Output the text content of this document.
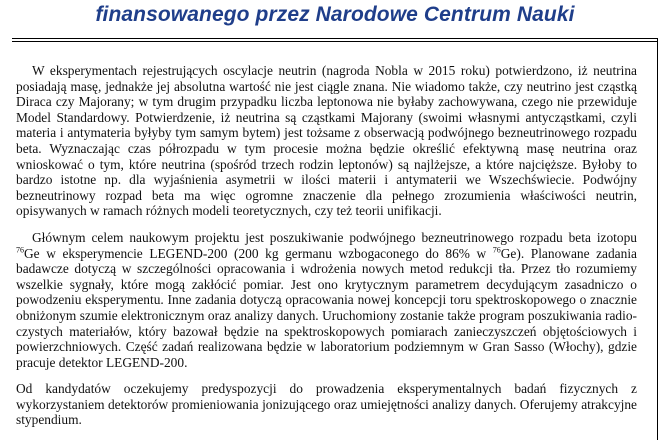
finansowanego przez Narodowe Centrum Nauki

W eksperymentach rejestrujących oscylacje neutrin (nagroda Nobla w 2015 roku) potwierdzono, iż neutrina posiadają masę, jednakże jej absolutna wartość nie jest ciągle znana. Nie wiadomo także, czy neutrino jest cząstką Diraca czy Majorany; w tym drugim przypadku liczba leptonowa nie byłaby zachowywana, czego nie przewiduje Model Standardowy. Potwierdzenie, iż neutrina są cząstkami Majorany (swoimi własnymi antycząstkami, czyli materia i antymateria byłyby tym samym bytem) jest tożsame z obserwacją podwójnego bezneutrinowego rozpadu beta. Wyznaczając czas półrozpadu w tym procesie można będzie określić efektywną masę neutrina oraz wnioskować o tym, które neutrina (spośród trzech rodzin leptonów) są najlżejsze, a które najcięższe. Byłoby to bardzo istotne np. dla wyjaśnienia asymetrii w ilości materii i antymaterii we Wszechświecie. Podwójny bezneutrinowy rozpad beta ma więc ogromne znaczenie dla pełnego zrozumienia właściwości neutrin, opisywanych w ramach różnych modeli teoretycznych, czy też teorii unifikacji.

Głównym celem naukowym projektu jest poszukiwanie podwójnego bezneutrinowego rozpadu beta izotopu $^{76}$Ge w eksperymencie LEGEND-200 (200 kg germanu wzbogaconego do 86% w $^{76}$Ge). Planowane zadania badawcze dotyczą w szczególności opracowania i wdrożenia nowych metod redukcji tła. Przez tło rozumiemy wszelkie sygnały, które mogą zakłócić pomiar. Jest ono krytycznym parametrem decydującym zasadniczo o powodzeniu eksperymentu. Inne zadania dotyczą opracowania nowej koncepcji toru spektroskopowego o znacznie obniżonym szumie elektronicznym oraz analizy danych. Uruchomiony zostanie także program poszukiwania radio-czystych materiałów, który bazował będzie na spektroskopowych pomiarach zanieczyszczeń objętościowych i powierzchniowych. Część zadań realizowana będzie w laboratorium podziemnym w Gran Sasso (Włochy), gdzie pracuje detektor LEGEND-200.

Od kandydatów oczekujemy predyspozycji do prowadzenia eksperymentalnych badań fizycznych z wykorzystaniem detektorów promieniowania jonizującego oraz umiejętności analizy danych. Oferujemy atrakcyjne stypendium.
